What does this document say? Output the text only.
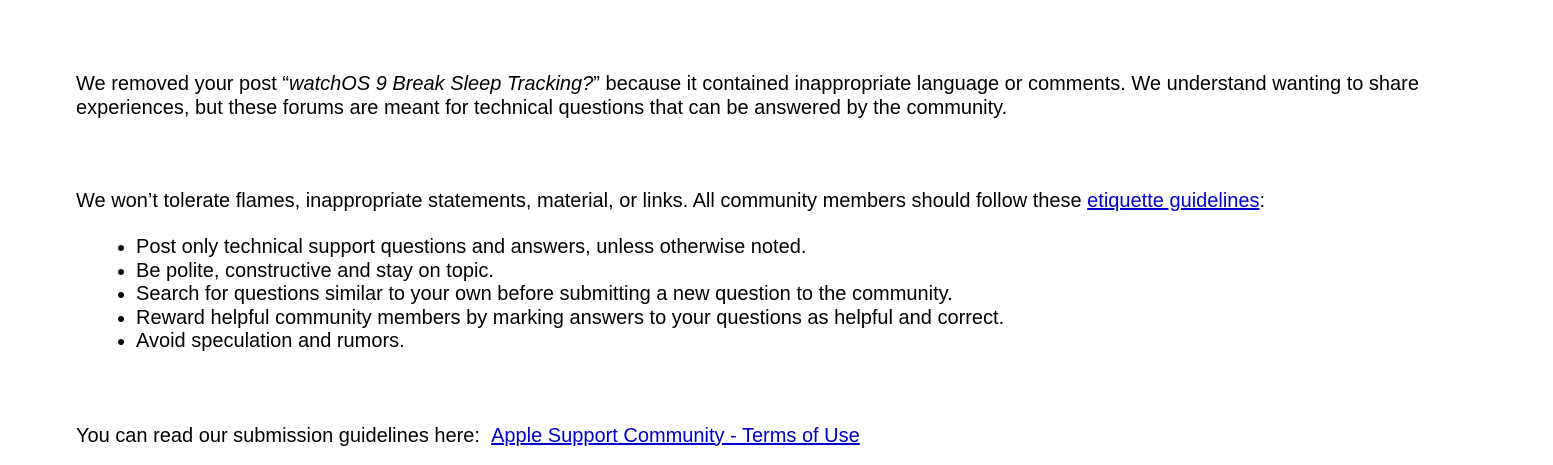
We removed your post “watchOS 9 Break Sleep Tracking?” because it contained inappropriate language or comments. We understand wanting to share experiences, but these forums are meant for technical questions that can be answered by the community.

We won’t tolerate flames, inappropriate statements, material, or links. All community members should follow these etiquette guidelines:

• Post only technical support questions and answers, unless otherwise noted.
• Be polite, constructive and stay on topic.
• Search for questions similar to your own before submitting a new question to the community.
• Reward helpful community members by marking answers to your questions as helpful and correct.
• Avoid speculation and rumors.

You can read our submission guidelines here:  Apple Support Community - Terms of Use
